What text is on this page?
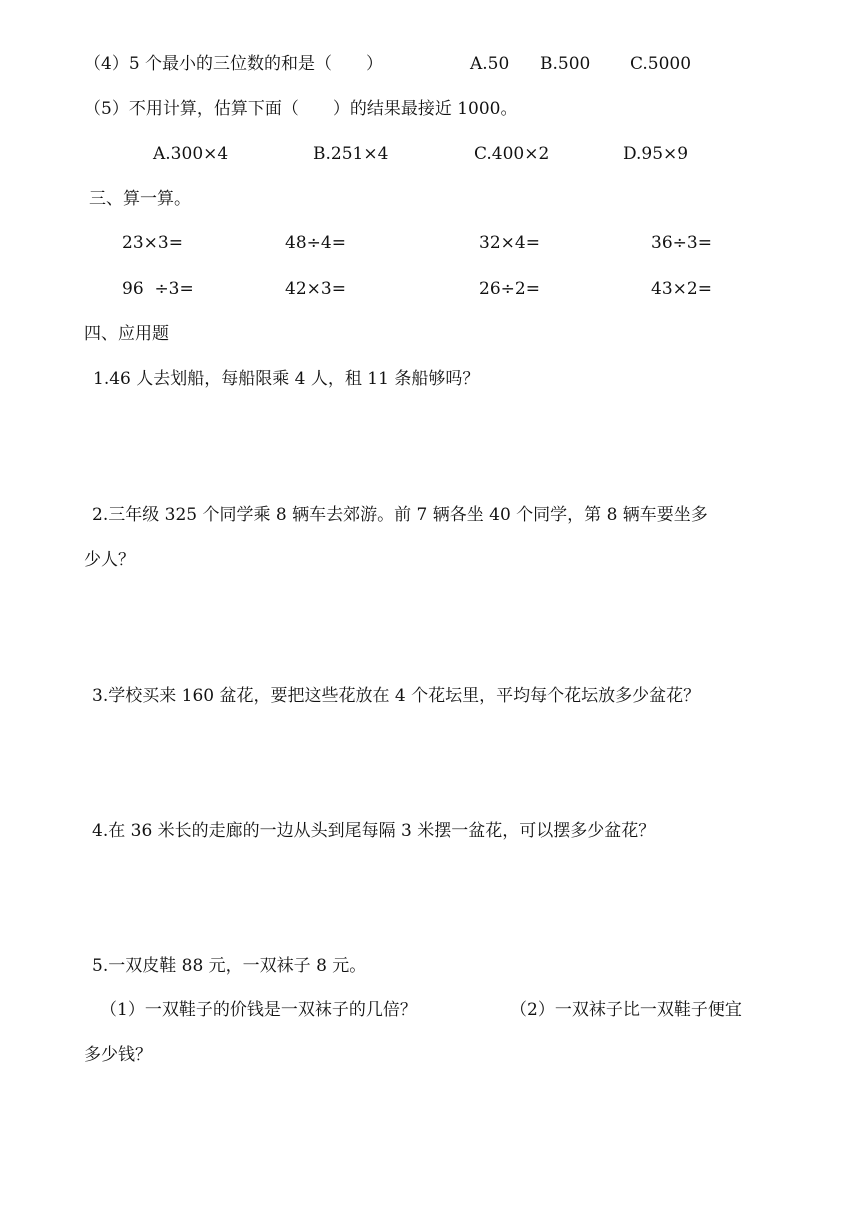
（4）5 个最小的三位数的和是（　　）	A.50 B.500 C.5000
（5）不用计算，估算下面（　　）的结果最接近 1000。
A.300×4	B.251×4	C.400×2	D.95×9
三、算一算。
23×3=	48÷4=	32×4=	36÷3=
96  ÷3=	42×3=	26÷2=	43×2=
四、应用题
1.46 人去划船，每船限乘 4 人，租 11 条船够吗？
2.三年级 325 个同学乘 8 辆车去郊游。前 7 辆各坐 40 个同学，第 8 辆车要坐多
少人？
3.学校买来 160 盆花，要把这些花放在 4 个花坛里，平均每个花坛放多少盆花？
4.在 36 米长的走廊的一边从头到尾每隔 3 米摆一盆花，可以摆多少盆花？
5.一双皮鞋 88 元，一双袜子 8 元。
（1）一双鞋子的价钱是一双袜子的几倍？	（2）一双袜子比一双鞋子便宜
多少钱？
